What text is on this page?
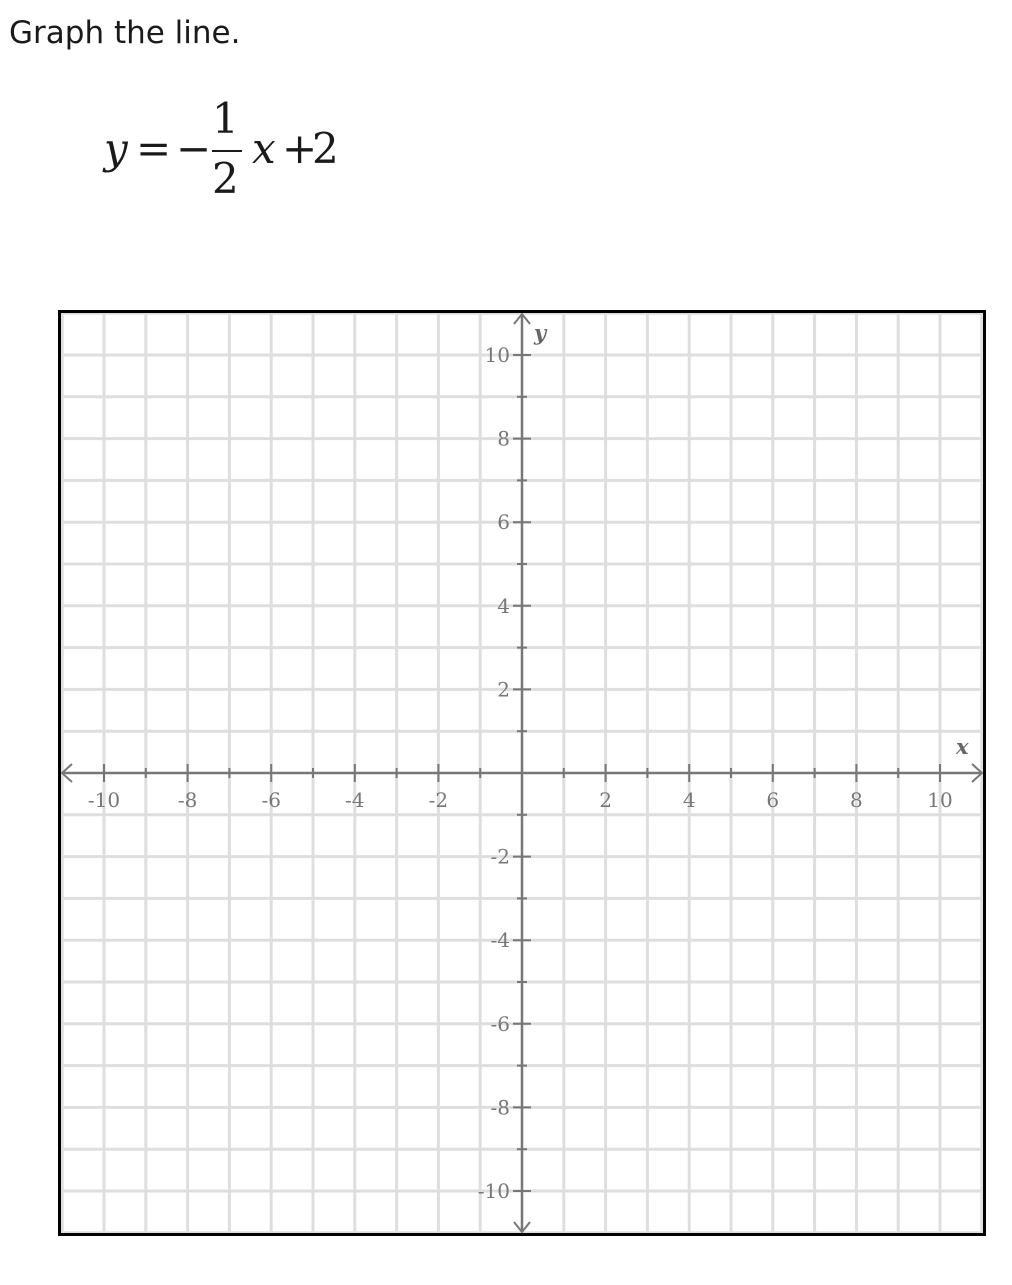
Graph the line.

y = −
1
2
x +
2
-10	-8	-6	-4	-2	2	4	6	8	10
10
8
6
4
2
-2
-4
-6
-8
-10
x
y
